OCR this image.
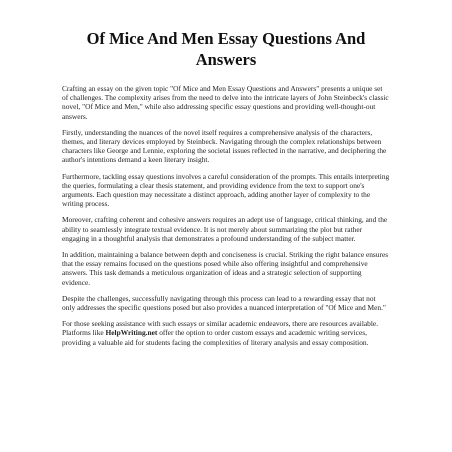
Of Mice And Men Essay Questions And Answers

Crafting an essay on the given topic "Of Mice and Men Essay Questions and Answers" presents a unique set of challenges. The complexity arises from the need to delve into the intricate layers of John Steinbeck's classic novel, "Of Mice and Men," while also addressing specific essay questions and providing well-thought-out answers.

Firstly, understanding the nuances of the novel itself requires a comprehensive analysis of the characters, themes, and literary devices employed by Steinbeck. Navigating through the complex relationships between characters like George and Lennie, exploring the societal issues reflected in the narrative, and deciphering the author's intentions demand a keen literary insight.

Furthermore, tackling essay questions involves a careful consideration of the prompts. This entails interpreting the queries, formulating a clear thesis statement, and providing evidence from the text to support one's arguments. Each question may necessitate a distinct approach, adding another layer of complexity to the writing process.

Moreover, crafting coherent and cohesive answers requires an adept use of language, critical thinking, and the ability to seamlessly integrate textual evidence. It is not merely about summarizing the plot but rather engaging in a thoughtful analysis that demonstrates a profound understanding of the subject matter.

In addition, maintaining a balance between depth and conciseness is crucial. Striking the right balance ensures that the essay remains focused on the questions posed while also offering insightful and comprehensive answers. This task demands a meticulous organization of ideas and a strategic selection of supporting evidence.

Despite the challenges, successfully navigating through this process can lead to a rewarding essay that not only addresses the specific questions posed but also provides a nuanced interpretation of "Of Mice and Men."

For those seeking assistance with such essays or similar academic endeavors, there are resources available. Platforms like HelpWriting.net offer the option to order custom essays and academic writing services, providing a valuable aid for students facing the complexities of literary analysis and essay composition.
